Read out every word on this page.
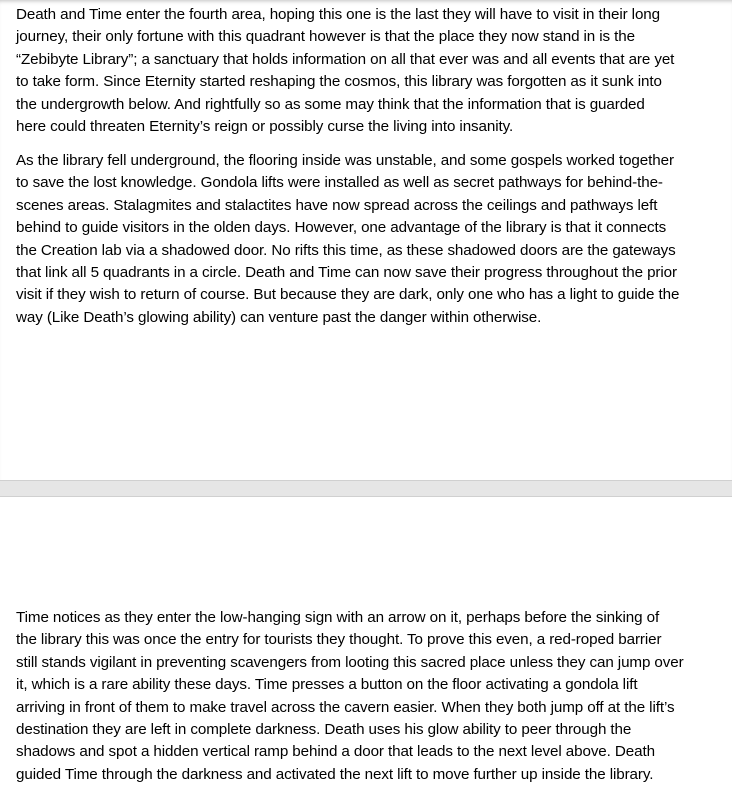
Death and Time enter the fourth area, hoping this one is the last they will have to visit in their long
journey, their only fortune with this quadrant however is that the place they now stand in is the
“Zebibyte Library”; a sanctuary that holds information on all that ever was and all events that are yet
to take form. Since Eternity started reshaping the cosmos, this library was forgotten as it sunk into
the undergrowth below. And rightfully so as some may think that the information that is guarded
here could threaten Eternity’s reign or possibly curse the living into insanity.

As the library fell underground, the flooring inside was unstable, and some gospels worked together
to save the lost knowledge. Gondola lifts were installed as well as secret pathways for behind-the-
scenes areas. Stalagmites and stalactites have now spread across the ceilings and pathways left
behind to guide visitors in the olden days. However, one advantage of the library is that it connects
the Creation lab via a shadowed door. No rifts this time, as these shadowed doors are the gateways
that link all 5 quadrants in a circle. Death and Time can now save their progress throughout the prior
visit if they wish to return of course. But because they are dark, only one who has a light to guide the
way (Like Death’s glowing ability) can venture past the danger within otherwise.

Time notices as they enter the low-hanging sign with an arrow on it, perhaps before the sinking of
the library this was once the entry for tourists they thought. To prove this even, a red-roped barrier
still stands vigilant in preventing scavengers from looting this sacred place unless they can jump over
it, which is a rare ability these days. Time presses a button on the floor activating a gondola lift
arriving in front of them to make travel across the cavern easier. When they both jump off at the lift’s
destination they are left in complete darkness. Death uses his glow ability to peer through the
shadows and spot a hidden vertical ramp behind a door that leads to the next level above. Death
guided Time through the darkness and activated the next lift to move further up inside the library.
